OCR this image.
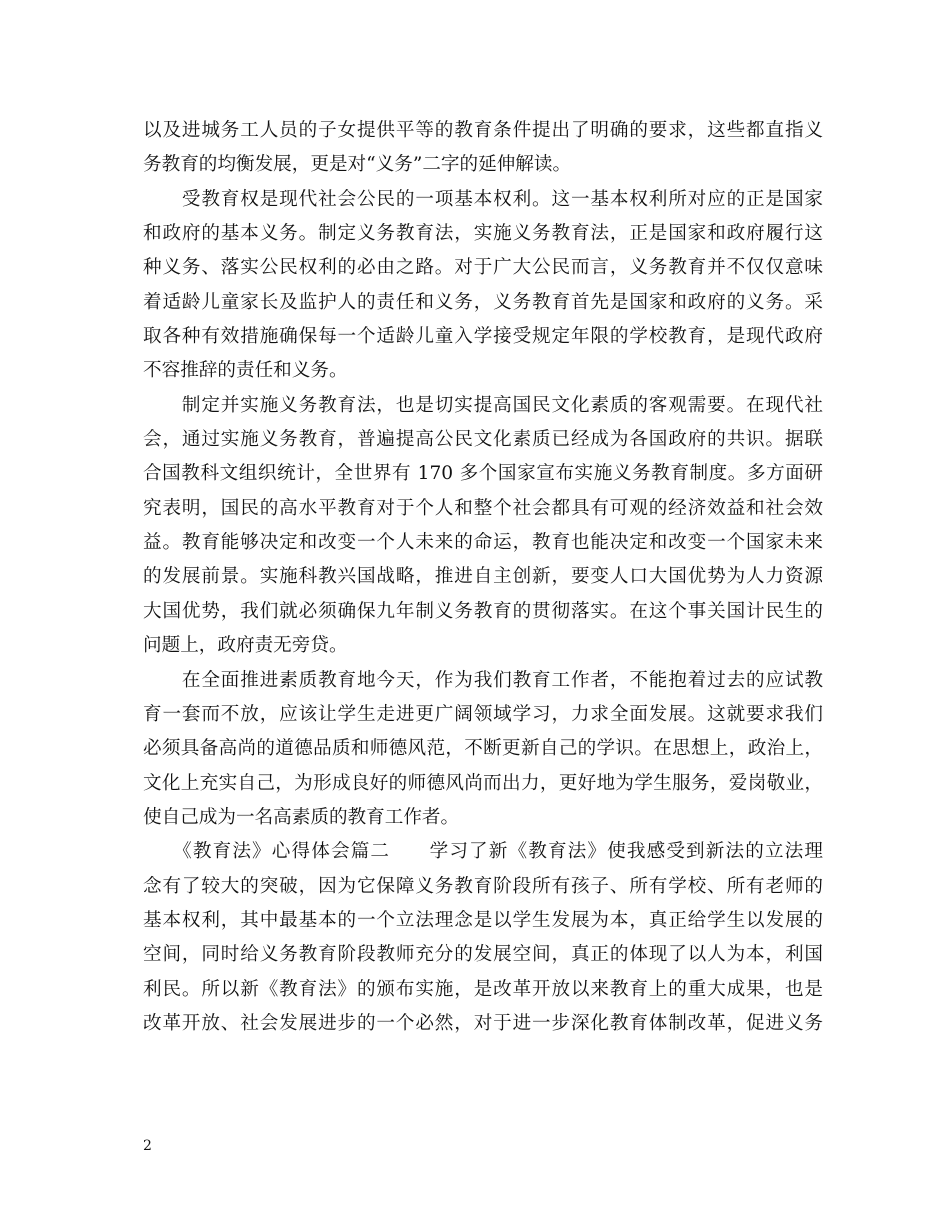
以及进城务工人员的子女提供平等的教育条件提出了明确的要求，这些都直指义
务教育的均衡发展，更是对“义务”二字的延伸解读。
　　受教育权是现代社会公民的一项基本权利。这一基本权利所对应的正是国家
和政府的基本义务。制定义务教育法，实施义务教育法，正是国家和政府履行这
种义务、落实公民权利的必由之路。对于广大公民而言，义务教育并不仅仅意味
着适龄儿童家长及监护人的责任和义务，义务教育首先是国家和政府的义务。采
取各种有效措施确保每一个适龄儿童入学接受规定年限的学校教育，是现代政府
不容推辞的责任和义务。
　　制定并实施义务教育法，也是切实提高国民文化素质的客观需要。在现代社
会，通过实施义务教育，普遍提高公民文化素质已经成为各国政府的共识。据联
合国教科文组织统计，全世界有 170 多个国家宣布实施义务教育制度。多方面研
究表明，国民的高水平教育对于个人和整个社会都具有可观的经济效益和社会效
益。教育能够决定和改变一个人未来的命运，教育也能决定和改变一个国家未来
的发展前景。实施科教兴国战略，推进自主创新，要变人口大国优势为人力资源
大国优势，我们就必须确保九年制义务教育的贯彻落实。在这个事关国计民生的
问题上，政府责无旁贷。
　　在全面推进素质教育地今天，作为我们教育工作者，不能抱着过去的应试教
育一套而不放，应该让学生走进更广阔领域学习，力求全面发展。这就要求我们
必须具备高尚的道德品质和师德风范，不断更新自己的学识。在思想上，政治上，
文化上充实自己，为形成良好的师德风尚而出力，更好地为学生服务，爱岗敬业，
使自己成为一名高素质的教育工作者。
　　《教育法》心得体会篇二　　学习了新《教育法》使我感受到新法的立法理
念有了较大的突破，因为它保障义务教育阶段所有孩子、所有学校、所有老师的
基本权利，其中最基本的一个立法理念是以学生发展为本，真正给学生以发展的
空间，同时给义务教育阶段教师充分的发展空间，真正的体现了以人为本，利国
利民。所以新《教育法》的颁布实施，是改革开放以来教育上的重大成果，也是
改革开放、社会发展进步的一个必然，对于进一步深化教育体制改革，促进义务
2
